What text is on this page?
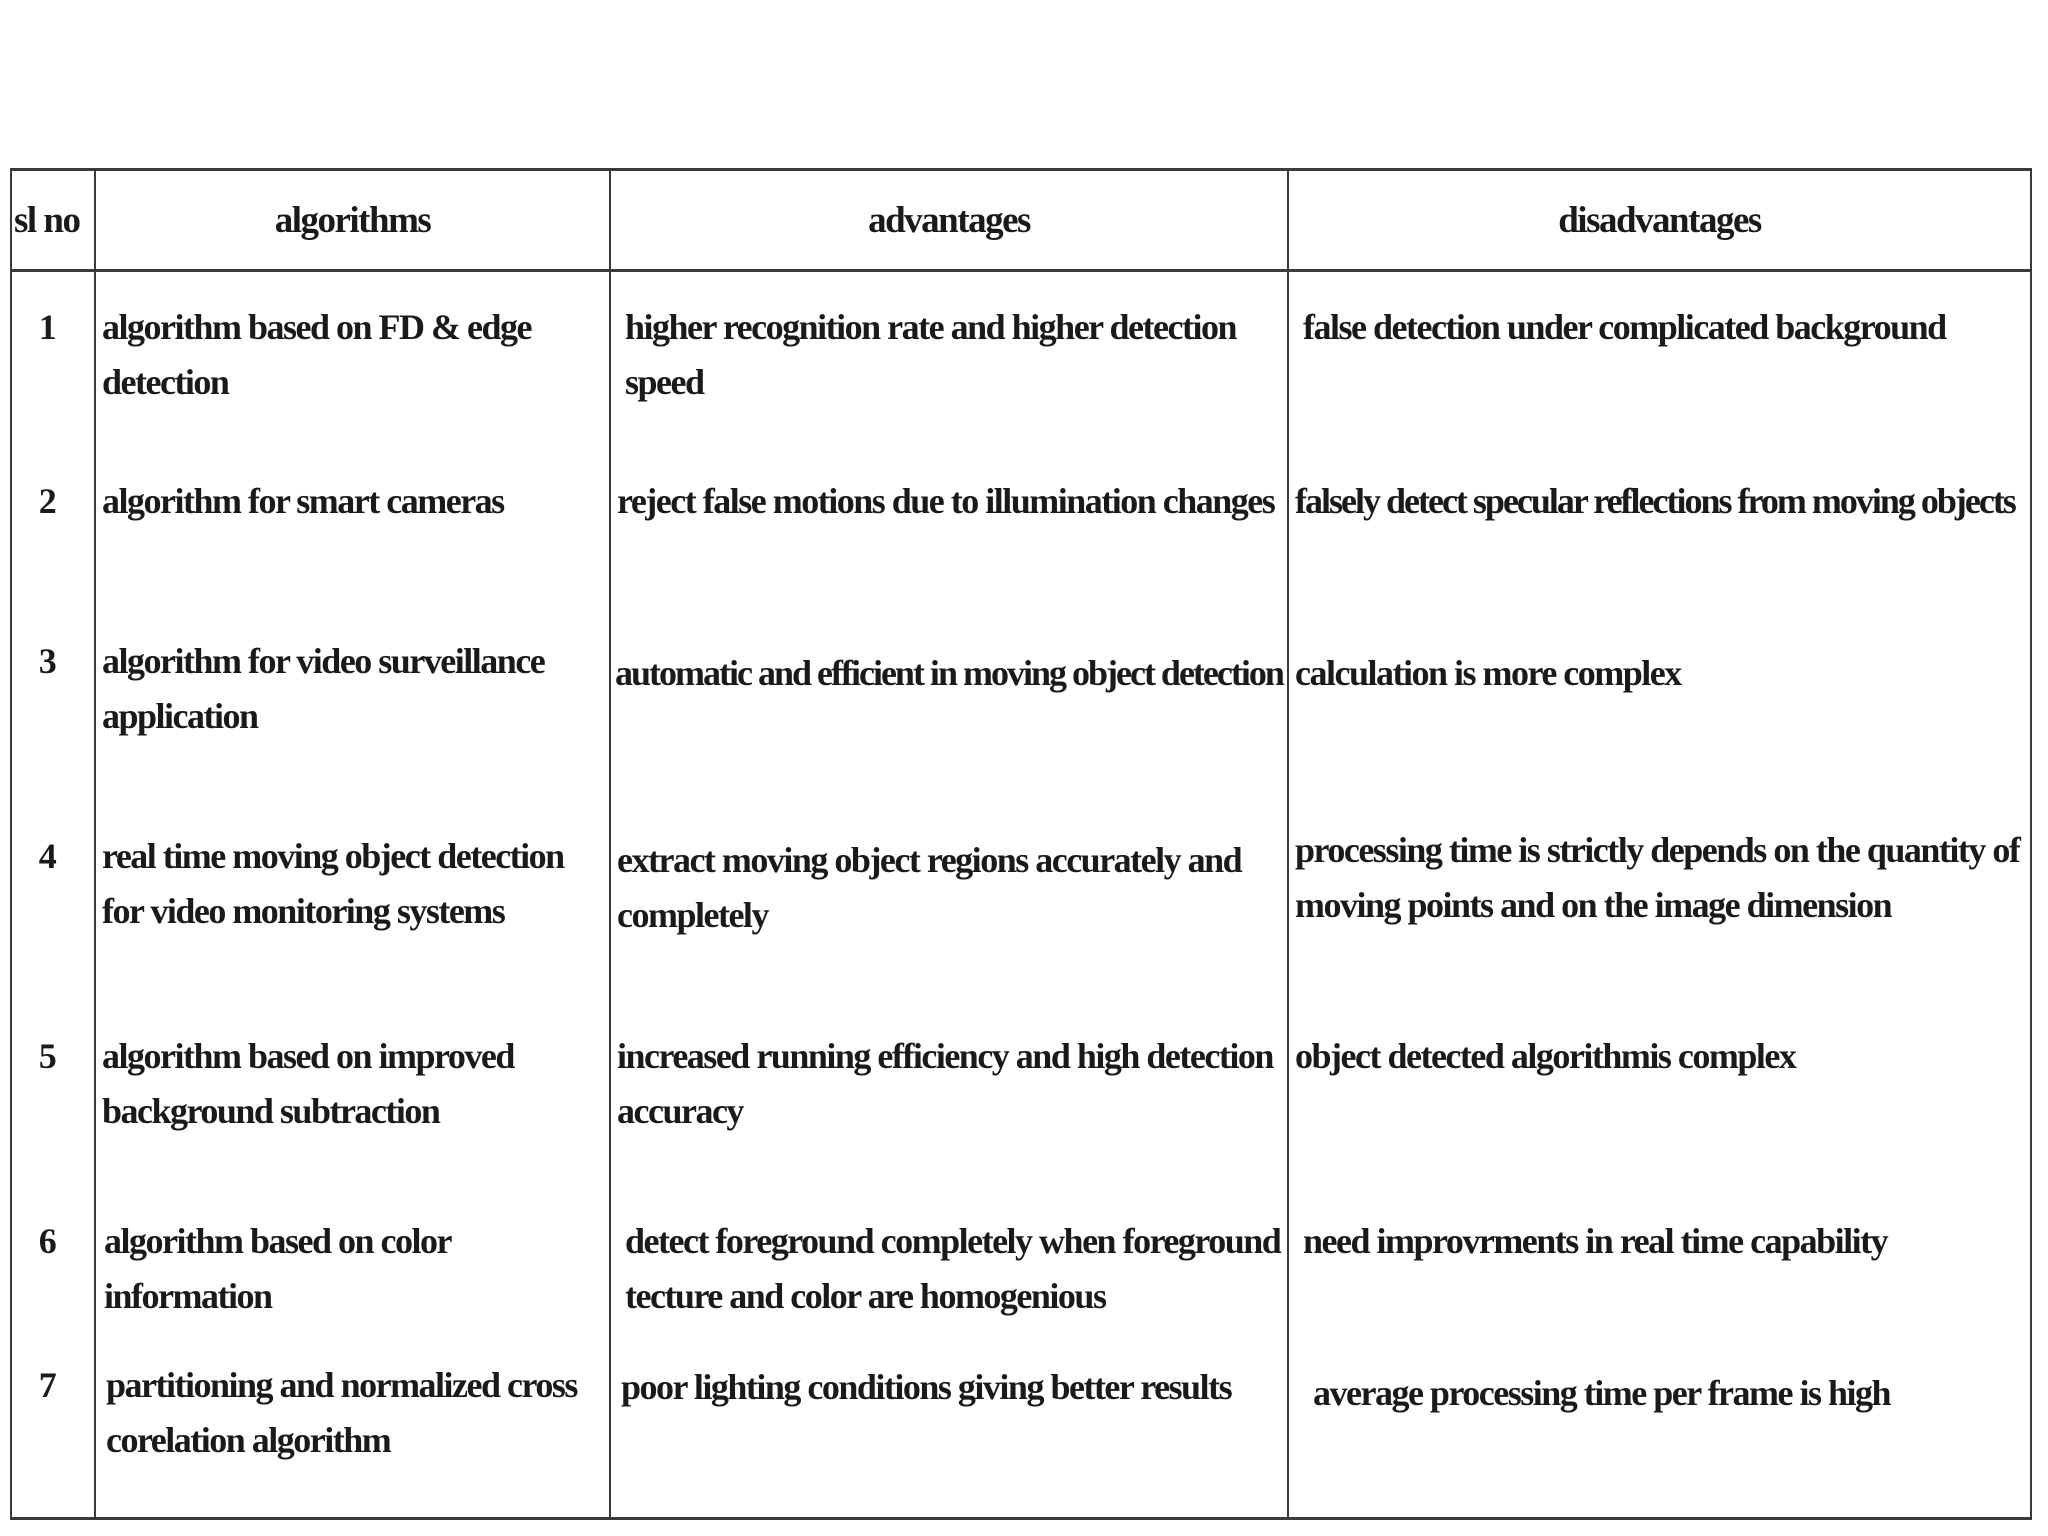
sl no	algorithms	advantages	disadvantages

1	algorithm based on FD & edge detection	higher recognition rate and higher detection speed	false detection under complicated background

2	algorithm for smart cameras	reject false motions due to illumination changes	falsely detect specular reflections from moving objects

3	algorithm for video surveillance application	automatic and efficient in moving object detection	calculation is more complex

4	real time moving object detection for video monitoring systems	extract moving object regions accurately and completely	processing time is strictly depends on the quantity of moving points and on the image dimension

5	algorithm based on improved background subtraction	increased running efficiency and high detection accuracy	object detected algorithmis complex

6	algorithm based on color information	detect foreground completely when foreground tecture and color are homogenious	need improvrments in real time capability

7	partitioning and normalized cross corelation algorithm	poor lighting conditions giving better results	average processing time per frame is high
